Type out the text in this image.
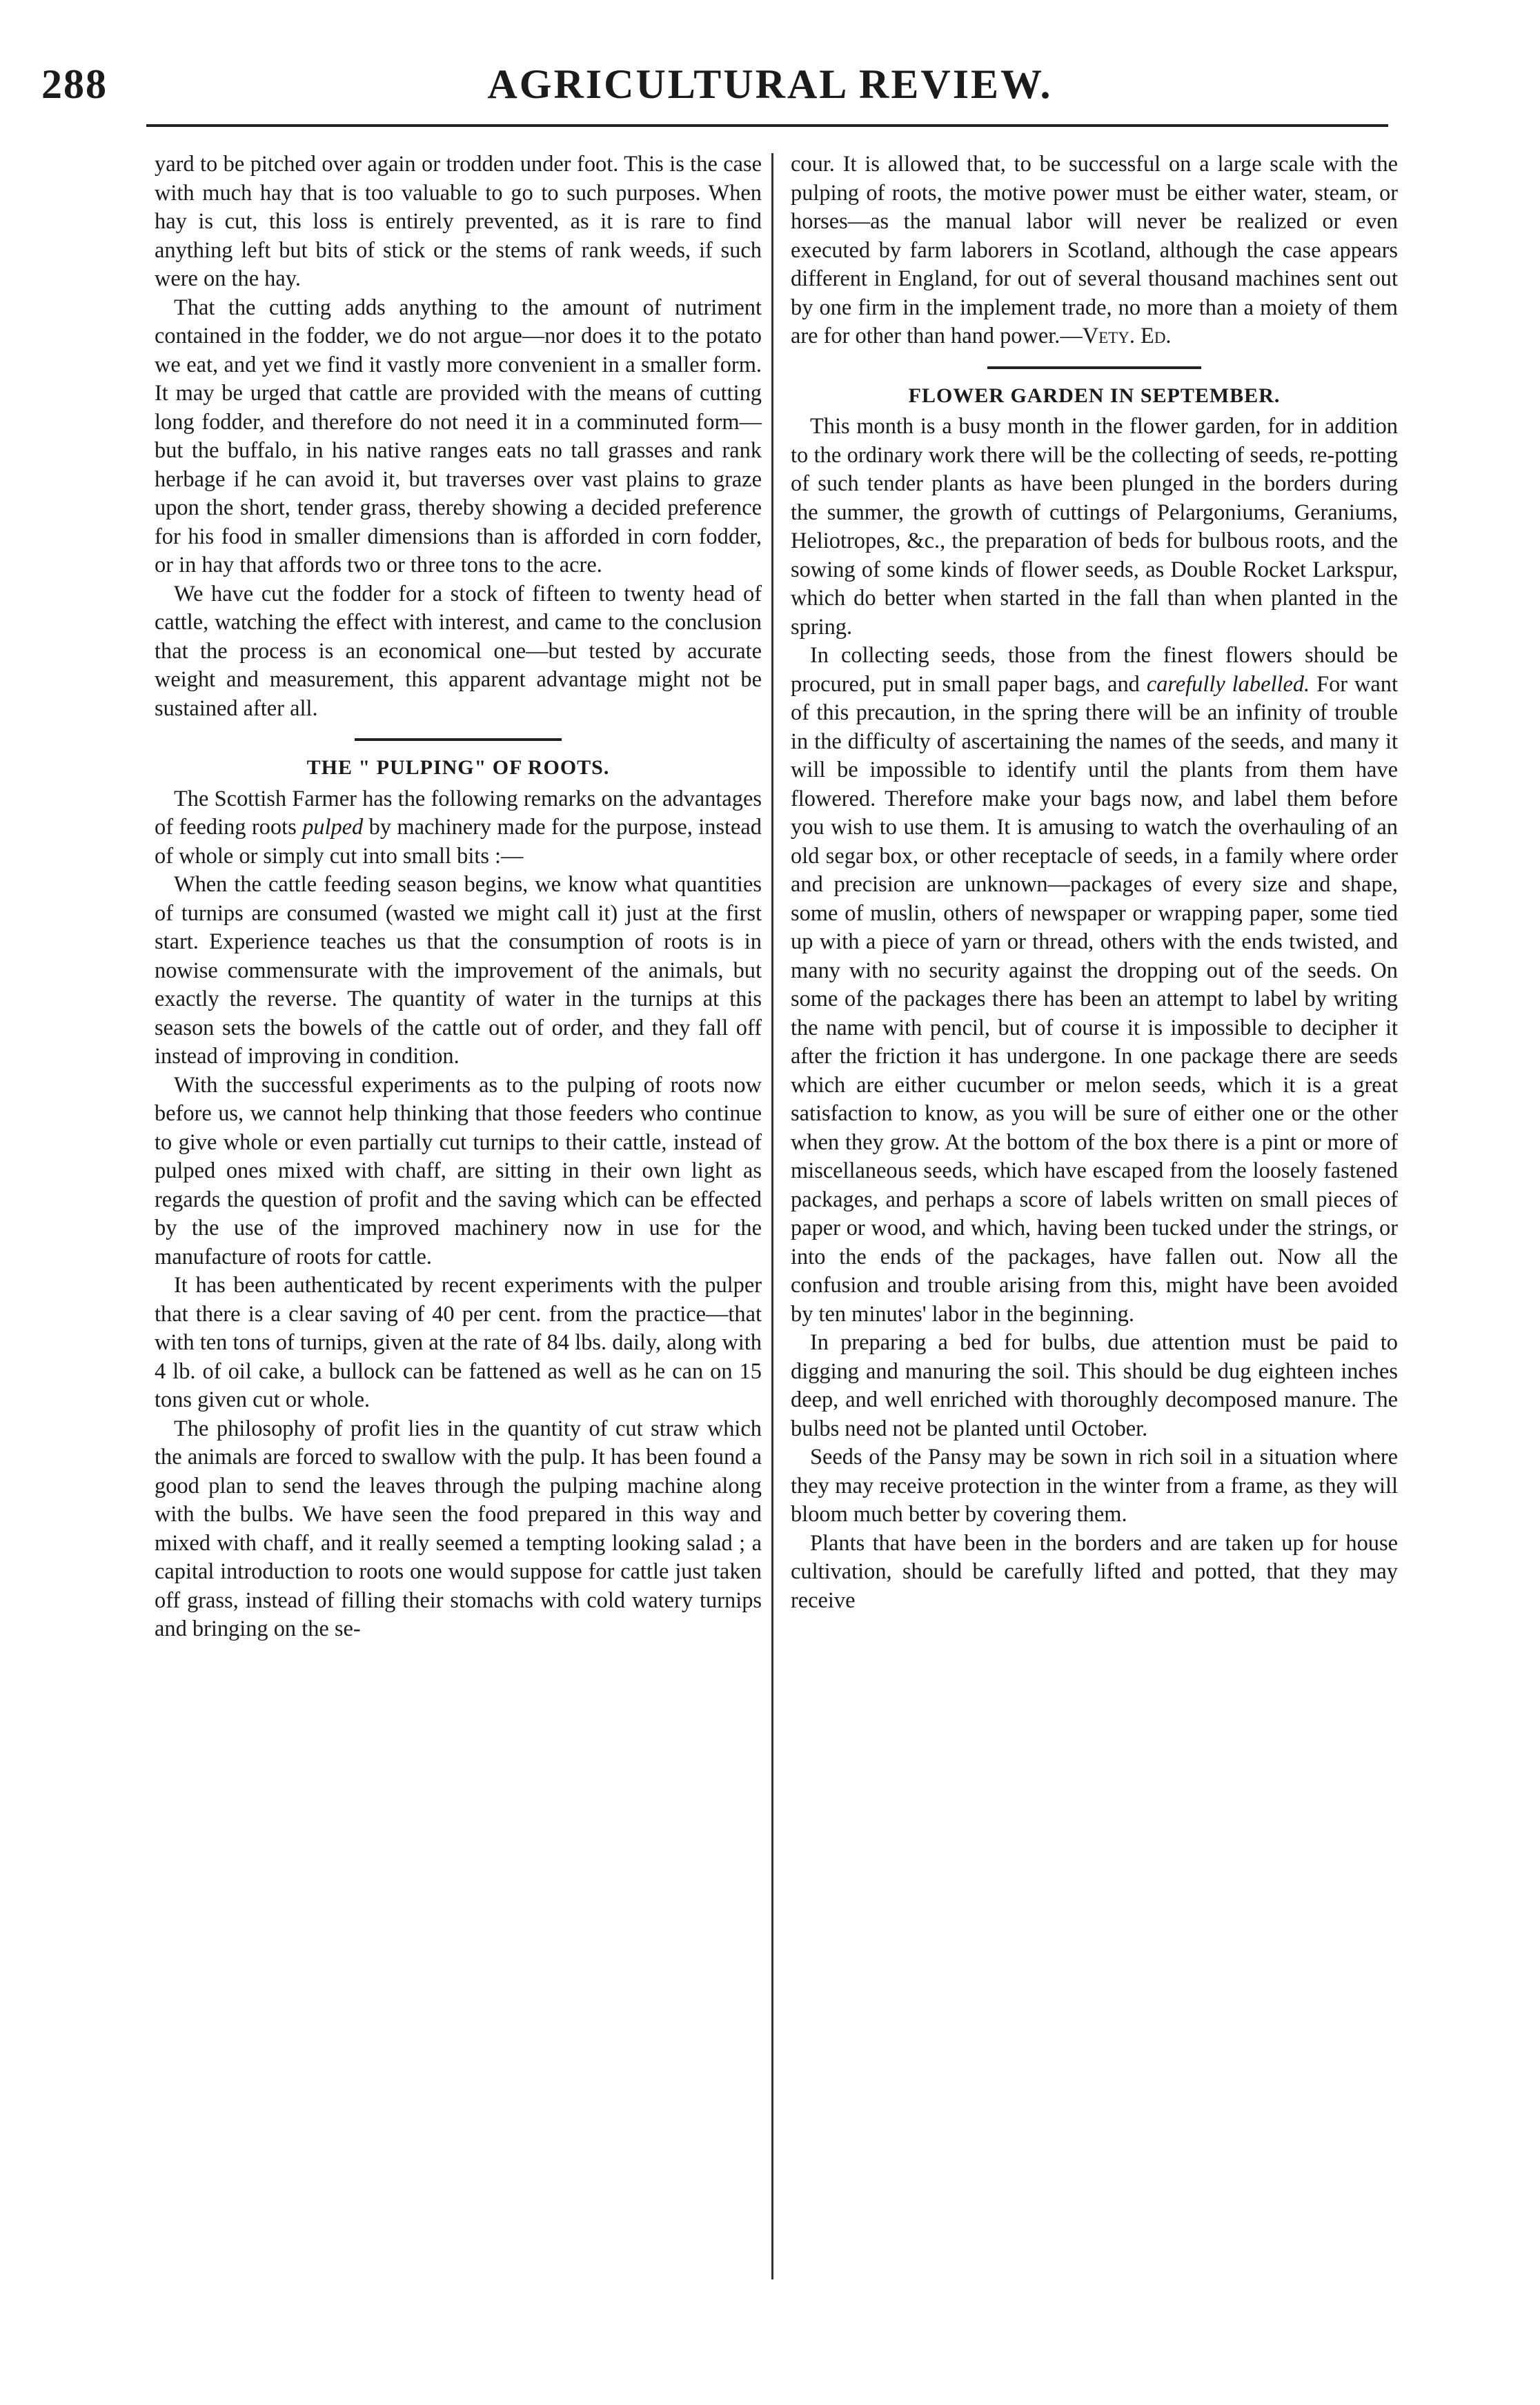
288	AGRICULTURAL REVIEW.

yard to be pitched over again or trodden under foot. This is the case with much hay that is too valuable to go to such purposes. When hay is cut, this loss is entirely prevented, as it is rare to find anything left but bits of stick or the stems of rank weeds, if such were on the hay.

That the cutting adds anything to the amount of nutriment contained in the fodder, we do not argue—nor does it to the potato we eat, and yet we find it vastly more convenient in a smaller form. It may be urged that cattle are provided with the means of cutting long fodder, and therefore do not need it in a comminuted form—but the buffalo, in his native ranges eats no tall grasses and rank herbage if he can avoid it, but traverses over vast plains to graze upon the short, tender grass, thereby showing a decided preference for his food in smaller dimensions than is afforded in corn fodder, or in hay that affords two or three tons to the acre.

We have cut the fodder for a stock of fifteen to twenty head of cattle, watching the effect with interest, and came to the conclusion that the process is an economical one—but tested by accurate weight and measurement, this apparent advantage might not be sustained after all.

THE " PULPING" OF ROOTS.

The Scottish Farmer has the following remarks on the advantages of feeding roots pulped by machinery made for the purpose, instead of whole or simply cut into small bits :—

When the cattle feeding season begins, we know what quantities of turnips are consumed (wasted we might call it) just at the first start. Experience teaches us that the consumption of roots is in nowise commensurate with the improvement of the animals, but exactly the reverse. The quantity of water in the turnips at this season sets the bowels of the cattle out of order, and they fall off instead of improving in condition.

With the successful experiments as to the pulping of roots now before us, we cannot help thinking that those feeders who continue to give whole or even partially cut turnips to their cattle, instead of pulped ones mixed with chaff, are sitting in their own light as regards the question of profit and the saving which can be effected by the use of the improved machinery now in use for the manufacture of roots for cattle.

It has been authenticated by recent experiments with the pulper that there is a clear saving of 40 per cent. from the practice—that with ten tons of turnips, given at the rate of 84 lbs. daily, along with 4 lb. of oil cake, a bullock can be fattened as well as he can on 15 tons given cut or whole.

The philosophy of profit lies in the quantity of cut straw which the animals are forced to swallow with the pulp. It has been found a good plan to send the leaves through the pulping machine along with the bulbs. We have seen the food prepared in this way and mixed with chaff, and it really seemed a tempting looking salad ; a capital introduction to roots one would suppose for cattle just taken off grass, instead of filling their stomachs with cold watery turnips and bringing on the se-

cour. It is allowed that, to be successful on a large scale with the pulping of roots, the motive power must be either water, steam, or horses—as the manual labor will never be realized or even executed by farm laborers in Scotland, although the case appears different in England, for out of several thousand machines sent out by one firm in the implement trade, no more than a moiety of them are for other than hand power.—Vety. Ed.

FLOWER GARDEN IN SEPTEMBER.

This month is a busy month in the flower garden, for in addition to the ordinary work there will be the collecting of seeds, re-potting of such tender plants as have been plunged in the borders during the summer, the growth of cuttings of Pelargoniums, Geraniums, Heliotropes, &c., the preparation of beds for bulbous roots, and the sowing of some kinds of flower seeds, as Double Rocket Larkspur, which do better when started in the fall than when planted in the spring.

In collecting seeds, those from the finest flowers should be procured, put in small paper bags, and carefully labelled. For want of this precaution, in the spring there will be an infinity of trouble in the difficulty of ascertaining the names of the seeds, and many it will be impossible to identify until the plants from them have flowered. Therefore make your bags now, and label them before you wish to use them. It is amusing to watch the overhauling of an old segar box, or other receptacle of seeds, in a family where order and precision are unknown—packages of every size and shape, some of muslin, others of newspaper or wrapping paper, some tied up with a piece of yarn or thread, others with the ends twisted, and many with no security against the dropping out of the seeds. On some of the packages there has been an attempt to label by writing the name with pencil, but of course it is impossible to decipher it after the friction it has undergone. In one package there are seeds which are either cucumber or melon seeds, which it is a great satisfaction to know, as you will be sure of either one or the other when they grow. At the bottom of the box there is a pint or more of miscellaneous seeds, which have escaped from the loosely fastened packages, and perhaps a score of labels written on small pieces of paper or wood, and which, having been tucked under the strings, or into the ends of the packages, have fallen out. Now all the confusion and trouble arising from this, might have been avoided by ten minutes' labor in the beginning.

In preparing a bed for bulbs, due attention must be paid to digging and manuring the soil. This should be dug eighteen inches deep, and well enriched with thoroughly decomposed manure. The bulbs need not be planted until October.

Seeds of the Pansy may be sown in rich soil in a situation where they may receive protection in the winter from a frame, as they will bloom much better by covering them.

Plants that have been in the borders and are taken up for house cultivation, should be carefully lifted and potted, that they may receive
